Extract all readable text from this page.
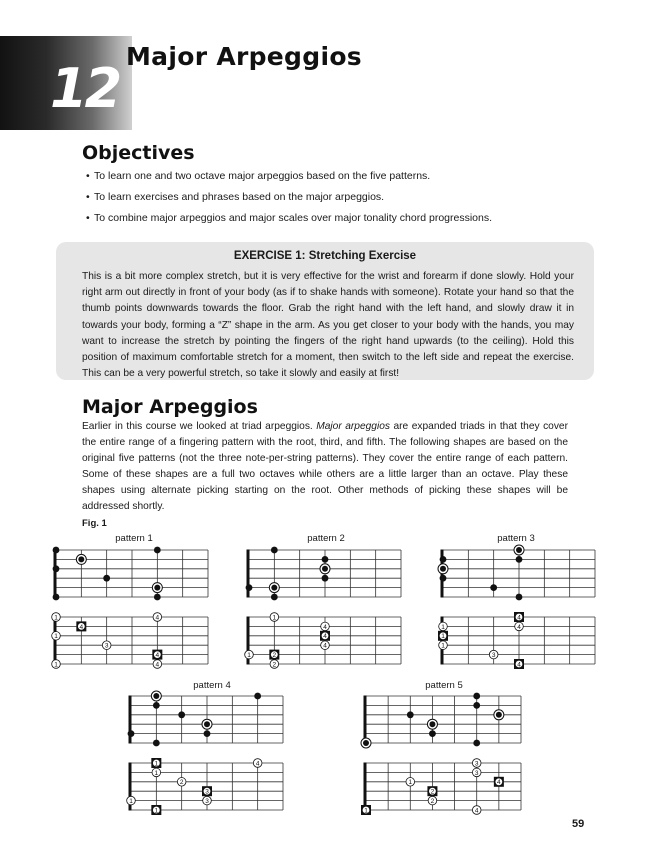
12
Major Arpeggios
Objectives
• To learn one and two octave major arpeggios based on the five patterns.
• To learn exercises and phrases based on the major arpeggios.
• To combine major arpeggios and major scales over major tonality chord progressions.
EXERCISE 1: Stretching Exercise

This is a bit more complex stretch, but it is very effective for the wrist and forearm if done slowly. Hold your right arm out directly in front of your body (as if to shake hands with someone). Rotate your hand so that the thumb points downwards towards the floor. Grab the right hand with the left hand, and slowly draw it in towards your body, forming a “Z” shape in the arm. As you get closer to your body with the hands, you may want to increase the stretch by pointing the fingers of the right hand upwards (to the ceiling). Hold this position of maximum comfortable stretch for a moment, then switch to the left side and repeat the exercise. This can be a very powerful stretch, so take it slowly and easily at first!

Major Arpeggios

Earlier in this course we looked at triad arpeggios. Major arpeggios are expanded triads in that they cover the entire range of a fingering pattern with the root, third, and fifth. The following shapes are based on the original five patterns (not the three note-per-string patterns). They cover the entire range of each pattern. Some of these shapes are a full two octaves while others are a little larger than an octave. Play these shapes using alternate picking starting on the root. Other methods of picking these shapes will be addressed shortly.

Fig. 1
pattern 1	pattern 2	pattern 3
pattern 4	pattern 5
1
4
1
3
4
1
4
4
1
2
1
4
4
4
2
1
1
1
4
4
3
4
1
1
2
3
3
4
1
1
1
2
2
3
4
3
1	4
59
